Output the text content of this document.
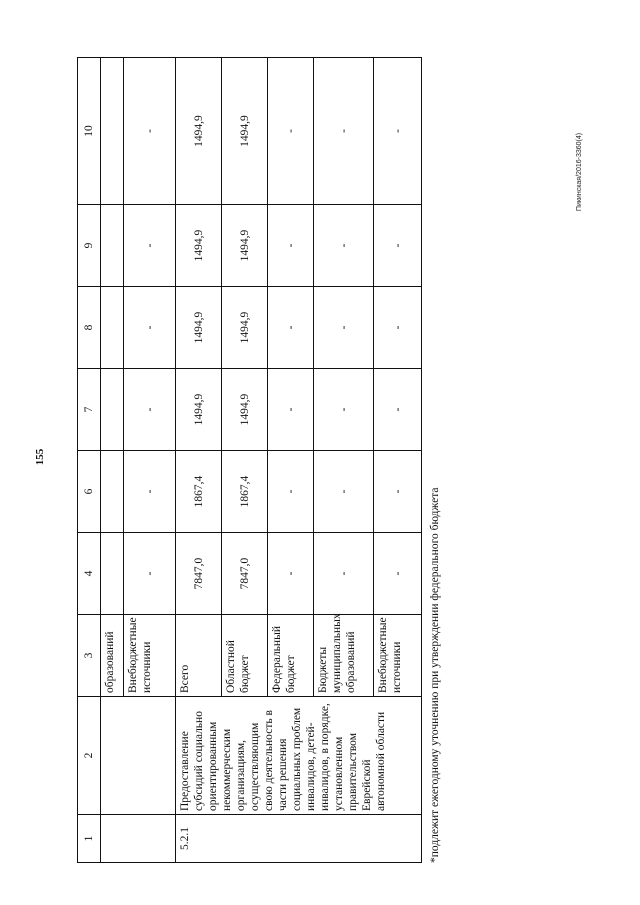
155
Пикинская/2016-3360(4)
1	2	3	4	6	7	8	9	10
		образований						
		Внебюджетные источники	-	-	-	-	-	-
5.2.1	Предоставление субсидий социально ориентированным некоммерческим организациям, осуществляющим свою деятельность в части решения социальных проблем инвалидов, детей-инвалидов, в порядке, установленном правительством Еврейской автономной области	Всего	7847,0	1867,4	1494,9	1494,9	1494,9	1494,9
		Областной бюджет	7847,0	1867,4	1494,9	1494,9	1494,9	1494,9
		Федеральный бюджет	-	-	-	-	-	-
		Бюджеты муниципальных образований	-	-	-	-	-	-
		Внебюджетные источники	-	-	-	-	-	-
*подлежит ежегодному уточнению при утверждении федерального бюджета
